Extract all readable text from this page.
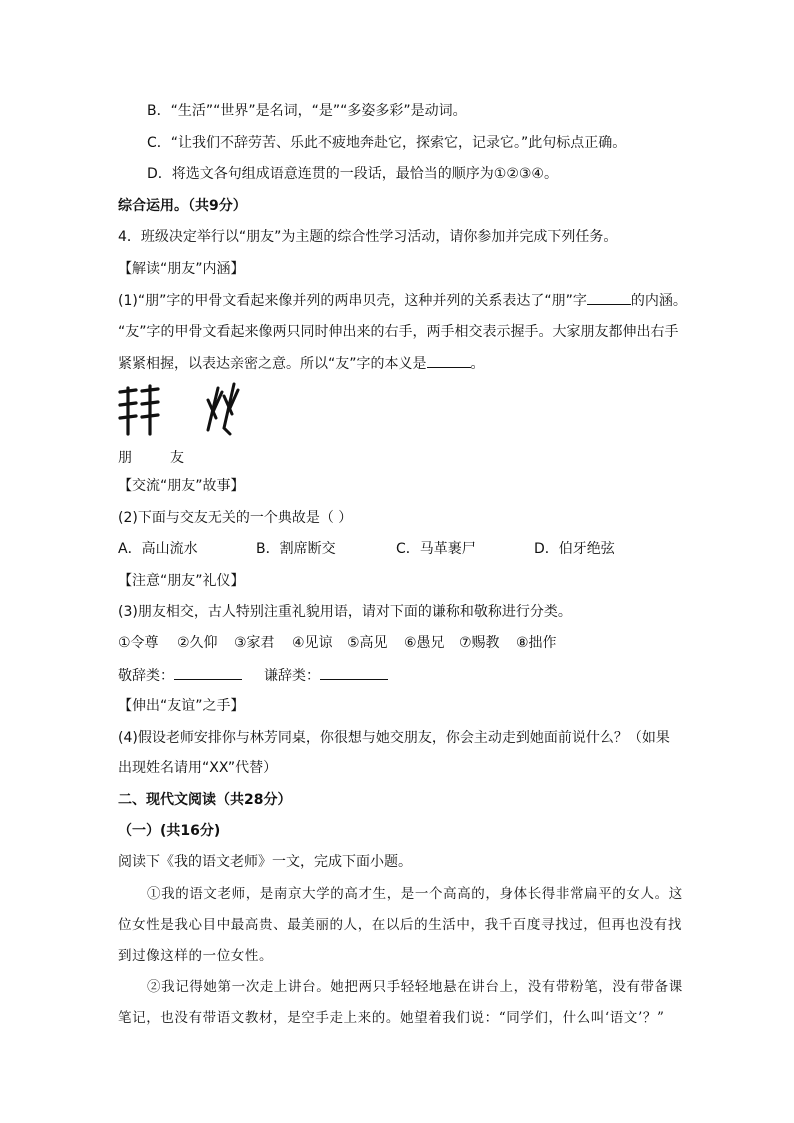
B．“生活”“世界”是名词，“是”“多姿多彩”是动词。
C．“让我们不辞劳苦、乐此不疲地奔赴它，探索它，记录它。”此句标点正确。
D．将选文各句组成语意连贯的一段话，最恰当的顺序为①②③④。
综合运用。（共9分）
4．班级决定举行以“朋友”为主题的综合性学习活动，请你参加并完成下列任务。
【解读“朋友”内涵】
(1)“朋”字的甲骨文看起来像并列的两串贝壳，这种并列的关系表达了“朋”字	的内涵。
“友”字的甲骨文看起来像两只同时伸出来的右手，两手相交表示握手。大家朋友都伸出右手
紧紧相握，以表达亲密之意。所以“友”字的本义是	。
朋	友
【交流“朋友”故事】
(2)下面与交友无关的一个典故是（ ）
A．高山流水	B．割席断交	C．马革裹尸	D．伯牙绝弦
【注意“朋友”礼仪】
(3)朋友相交，古人特别注重礼貌用语，请对下面的谦称和敬称进行分类。
①令尊 ②久仰 ③家君 ④见谅 ⑤高见 ⑥愚兄 ⑦赐教 ⑧拙作
敬辞类：	谦辞类：
【伸出“友谊”之手】
(4)假设老师安排你与林芳同桌，你很想与她交朋友，你会主动走到她面前说什么？（如果
出现姓名请用“XX”代替）
二、现代文阅读（共28分）
（一）(共16分)
阅读下《我的语文老师》一文，完成下面小题。
①我的语文老师，是南京大学的高才生，是一个高高的，身体长得非常扁平的女人。这
位女性是我心目中最高贵、最美丽的人，在以后的生活中，我千百度寻找过，但再也没有找
到过像这样的一位女性。
②我记得她第一次走上讲台。她把两只手轻轻地悬在讲台上，没有带粉笔，没有带备课
笔记，也没有带语文教材，是空手走上来的。她望着我们说：“同学们，什么叫‘语文’？”
